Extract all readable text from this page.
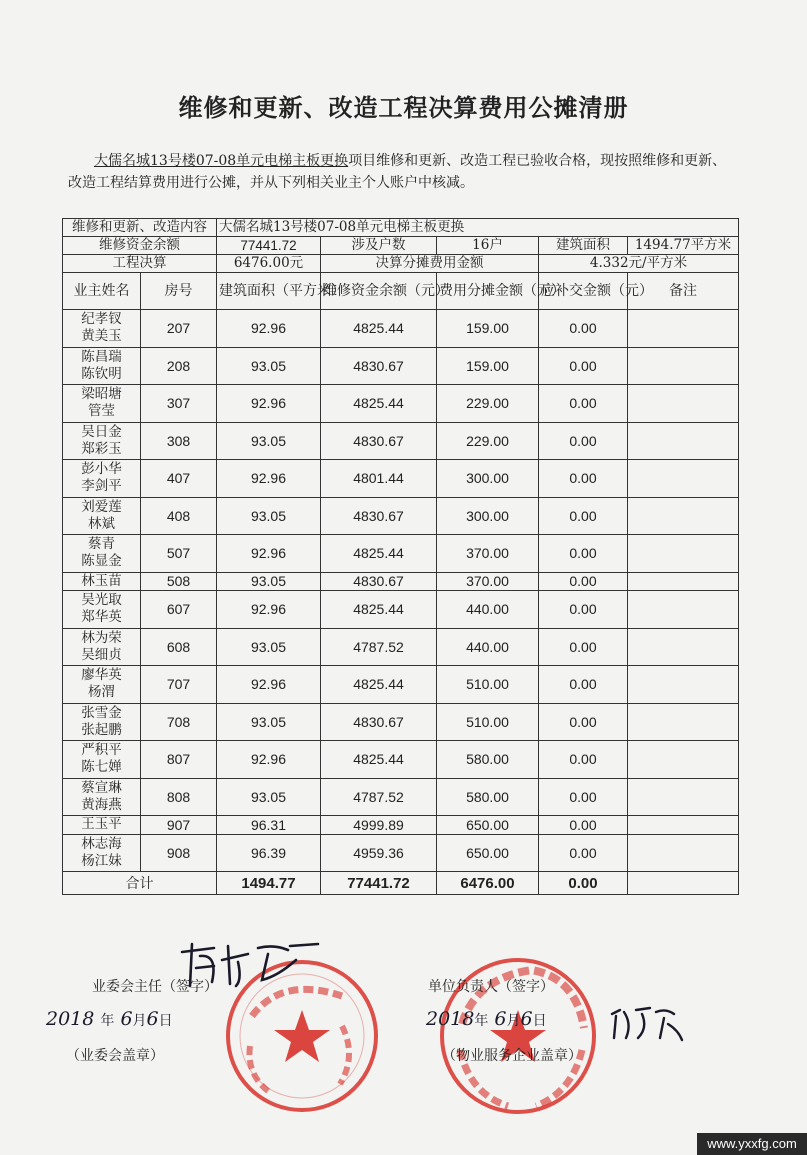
维修和更新、改造工程决算费用公摊清册
大儒名城13号楼07-08单元电梯主板更换项目维修和更新、改造工程已验收合格，现按照维修和更新、改造工程结算费用进行公摊，并从下列相关业主个人账户中核减。
维修和更新、改造内容		大儒名城13号楼07-08单元电梯主板更换				
维修资金余额		77441.72	涉及户数	16户	建筑面积	1494.77平方米
工程决算		6476.00元	决算分摊费用金额		4.332元/平方米	
业主姓名	房号	建筑面积（平方米）	维修资金余额（元）	费用分摊金额（元）	应补交金额（元）	备注

纪孝钗
黄美玉	207	92.96	4825.44	159.00	0.00	

陈昌瑞
陈钦明	208	93.05	4830.67	159.00	0.00	

梁昭塘
管莹	307	92.96	4825.44	229.00	0.00	

吴日金
郑彩玉	308	93.05	4830.67	229.00	0.00	

彭小华
李剑平	407	92.96	4801.44	300.00	0.00	

刘爱莲
林斌	408	93.05	4830.67	300.00	0.00	

蔡青
陈显金	507	92.96	4825.44	370.00	0.00	

林玉苗	508	93.05	4830.67	370.00	0.00	

吴光取
郑华英	607	92.96	4825.44	440.00	0.00	

林为荣
吴细贞	608	93.05	4787.52	440.00	0.00	

廖华英
杨渭	707	92.96	4825.44	510.00	0.00	

张雪金
张起鹏	708	93.05	4830.67	510.00	0.00	

严积平
陈七婵	807	92.96	4825.44	580.00	0.00	

蔡宣琳
黄海燕	808	93.05	4787.52	580.00	0.00	

王玉平	907	96.31	4999.89	650.00	0.00	

林志海
杨江妹	908	96.39	4959.36	650.00	0.00	
合计		1494.77	77441.72	6476.00	0.00	
业委会主任（签字）
2018 年 6月6日
（业委会盖章）
单位负责人（签字）
2018年 6月6日
（物业服务企业盖章）
www.yxxfg.com
